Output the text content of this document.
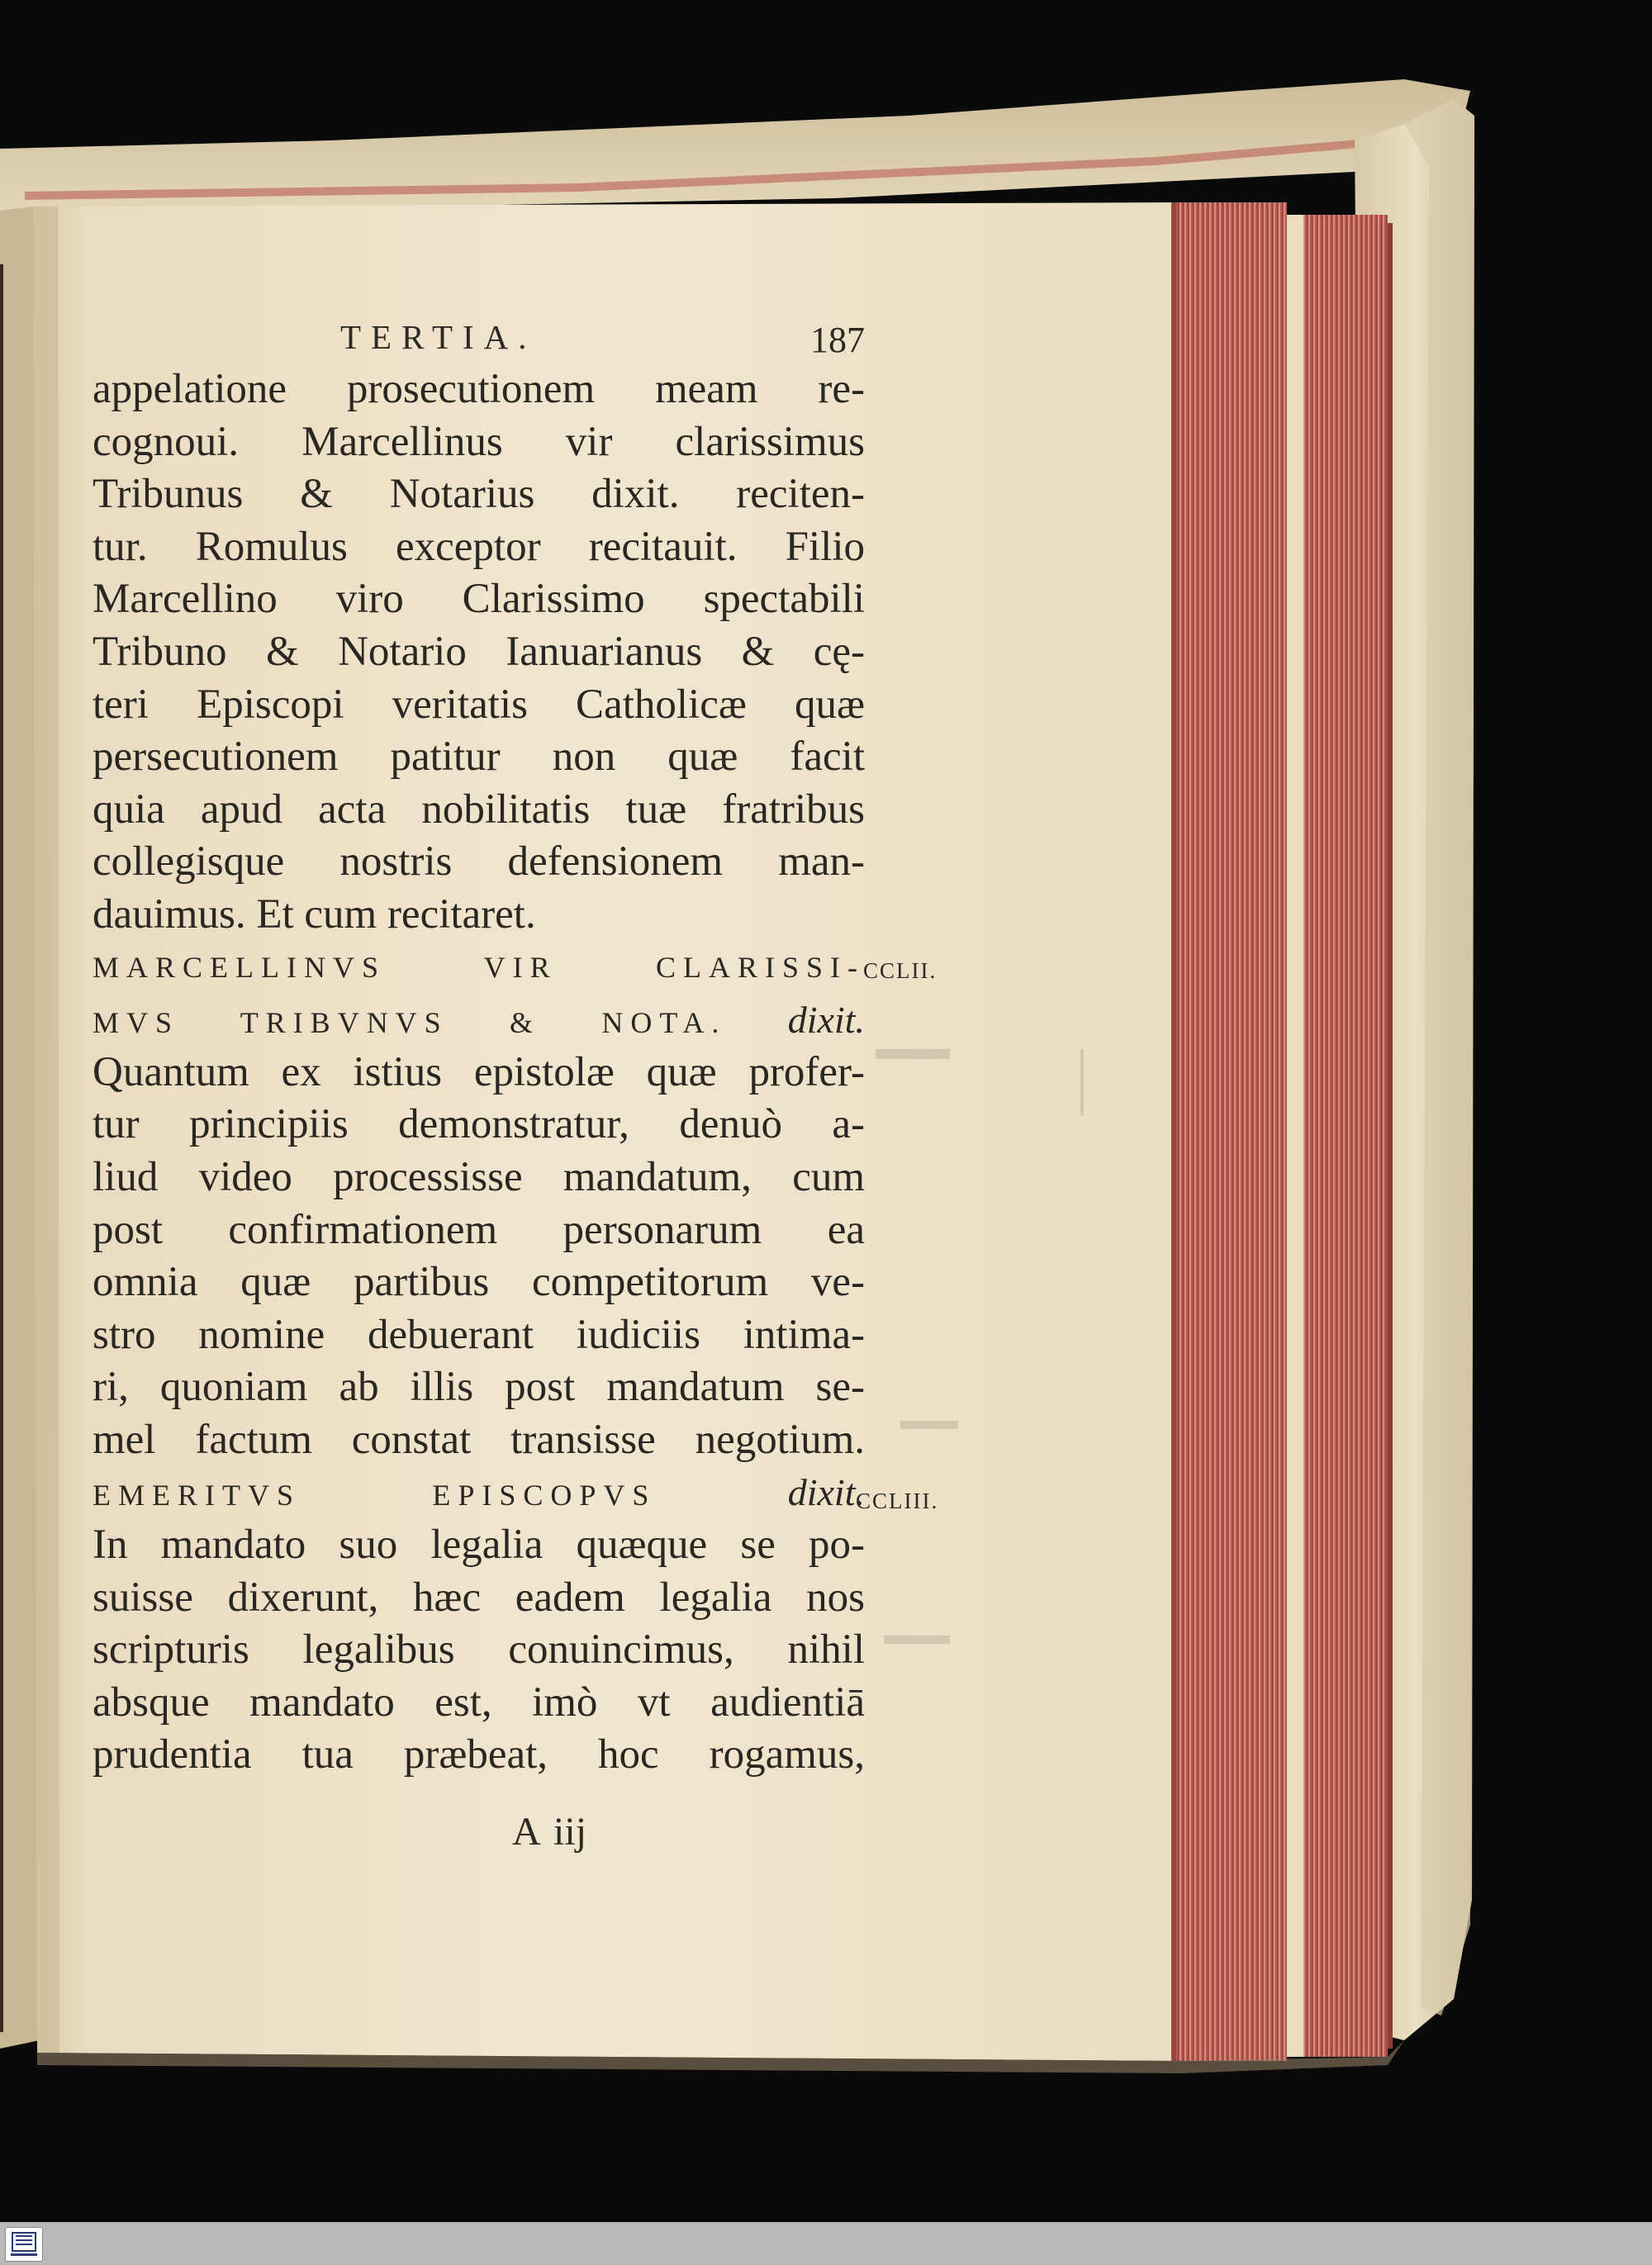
TERTIA.	187
appelatione prosecutionem meam re-
cognoui. Marcellinus vir clarissimus
Tribunus & Notarius dixit. reciten-
tur. Romulus exceptor recitauit. Filio
Marcellino viro Clarissimo spectabili
Tribuno & Notario Ianuarianus & cę-
teri Episcopi veritatis Catholicæ quæ
persecutionem patitur non quæ facit
quia apud acta nobilitatis tuæ fratribus
collegisque nostris defensionem man-
dauimus. Et cum recitaret.
MARCELLINVS VIR CLARISSI-
MVS TRIBVNVS & NOTA. dixit.
Quantum ex istius epistolæ quæ profer-
tur principiis demonstratur, denuò a-
liud video processisse mandatum, cum
post confirmationem personarum ea
omnia quæ partibus competitorum ve-
stro nomine debuerant iudiciis intima-
ri, quoniam ab illis post mandatum se-
mel factum constat transisse negotium.
EMERITVS EPISCOPVS	dixit.
In mandato suo legalia quæque se po-
suisse dixerunt, hæc eadem legalia nos
scripturis legalibus conuincimus, nihil
absque mandato est, imò vt audientiā
prudentia tua præbeat, hoc rogamus,
CCLII.
CCLIII.
A iij
